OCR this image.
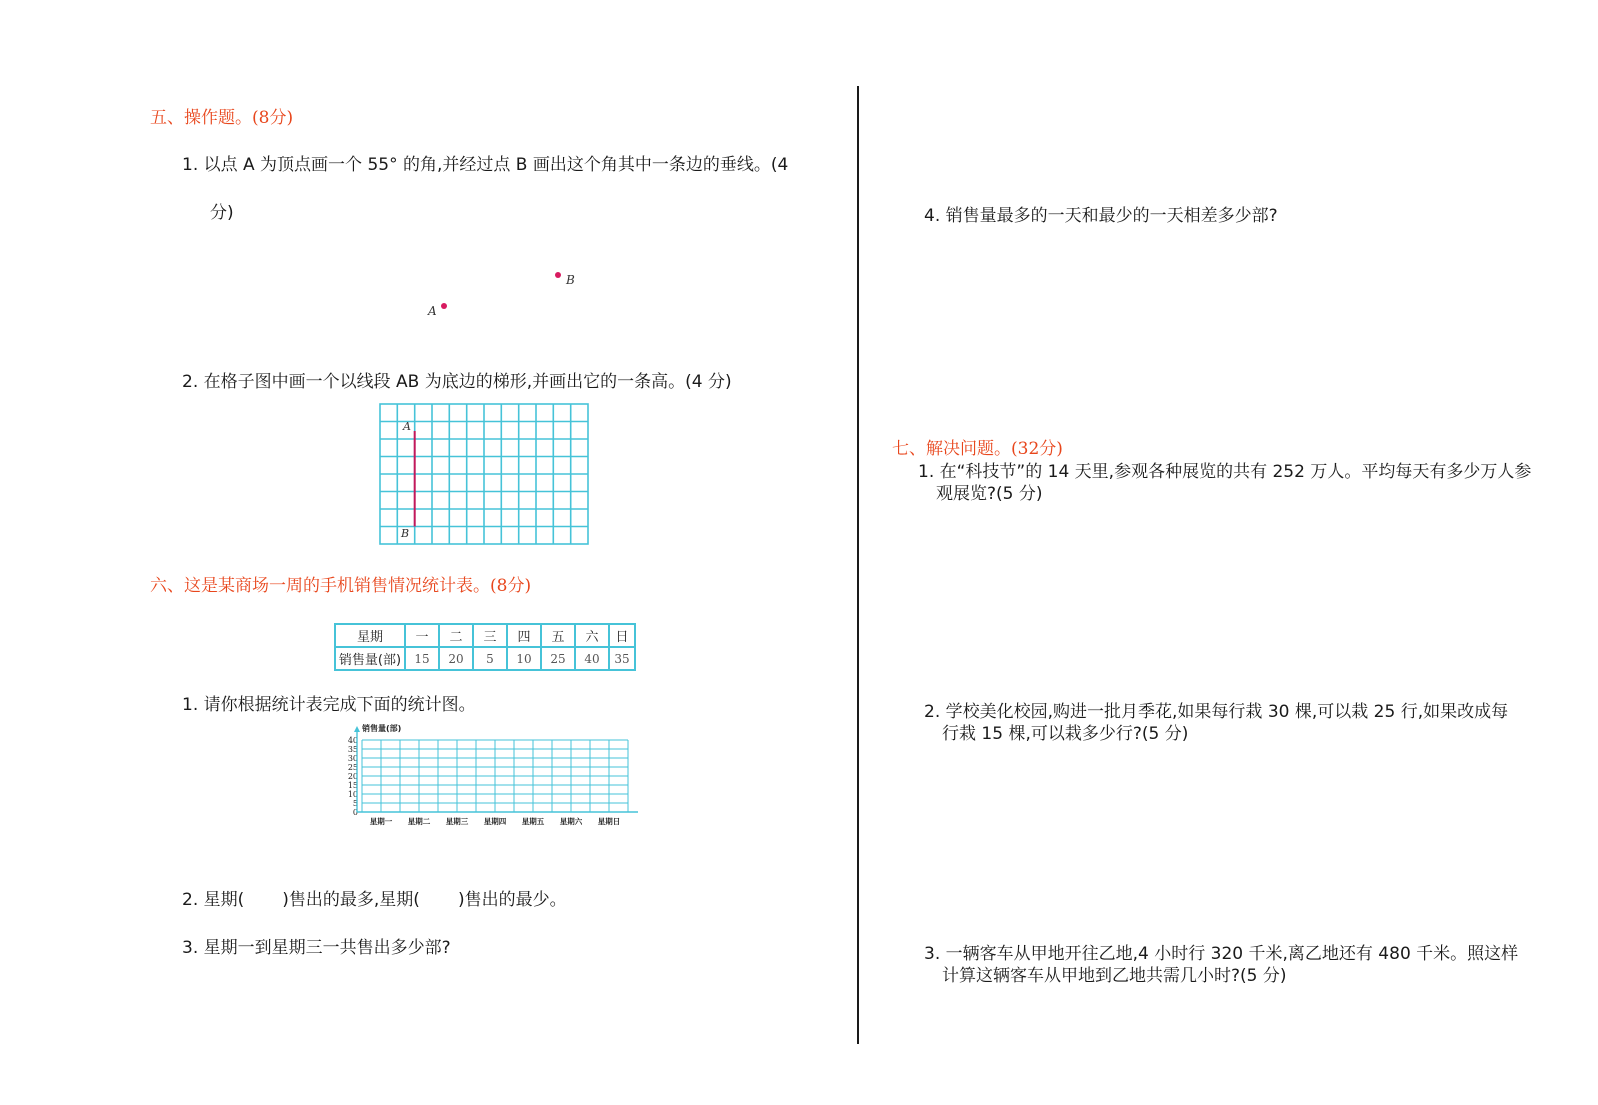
五、操作题。(8分)
1. 以点 A 为顶点画一个 55° 的角,并经过点 B 画出这个角其中一条边的垂线。(4
分)
B
A
2. 在格子图中画一个以线段 AB 为底边的梯形,并画出它的一条高。(4 分)
A
B
六、这是某商场一周的手机销售情况统计表。(8分)
星期	一	二	三	四	五	六	日
销售量(部)	15	20	5	10	25	40	35
1. 请你根据统计表完成下面的统计图。
销售量(部)
0
5
10
15
20
25
30
35
40
星期一 星期二 星期三 星期四 星期五 星期六 星期日
2. 星期( )售出的最多,星期( )售出的最少。
3. 星期一到星期三一共售出多少部?
4. 销售量最多的一天和最少的一天相差多少部?
七、解决问题。(32分)
1. 在“科技节”的 14 天里,参观各种展览的共有 252 万人。平均每天有多少万人参
观展览?(5 分)
2. 学校美化校园,购进一批月季花,如果每行栽 30 棵,可以栽 25 行,如果改成每
行栽 15 棵,可以栽多少行?(5 分)
3. 一辆客车从甲地开往乙地,4 小时行 320 千米,离乙地还有 480 千米。照这样
计算这辆客车从甲地到乙地共需几小时?(5 分)
